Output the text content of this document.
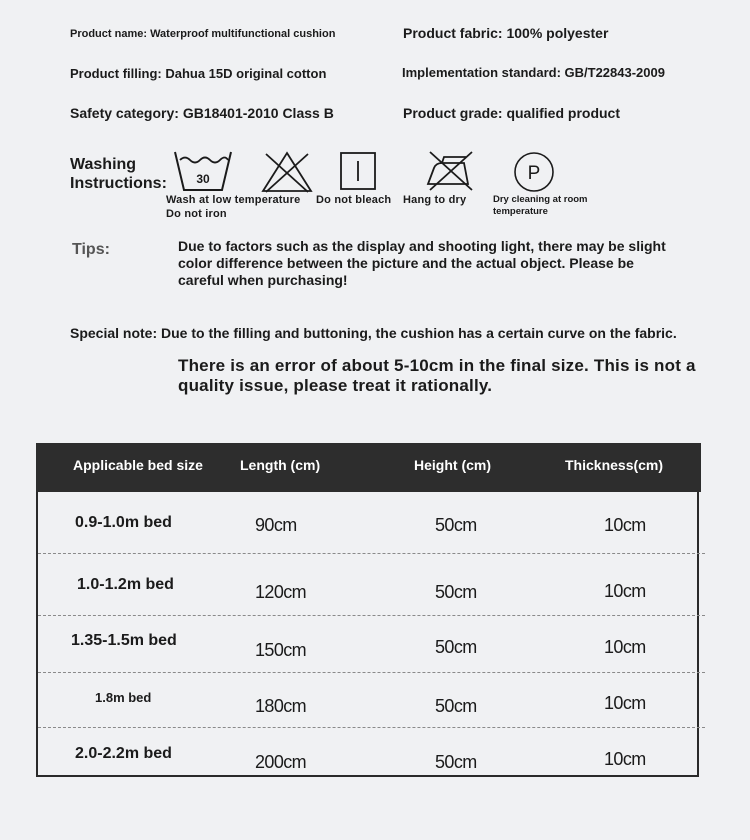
Product name: Waterproof multifunctional cushion	Product fabric: 100% polyester
Product filling: Dahua 15D original cotton	Implementation standard: GB/T22843-2009
Safety category: GB18401-2010 Class B	Product grade: qualified product
Washing Instructions: 30	P
Wash at low temperature Do not bleach Hang to dry	Dry cleaning at room temperature
Do not iron
Tips:	Due to factors such as the display and shooting light, there may be slight color difference between the picture and the actual object. Please be careful when purchasing!
Special note: Due to the filling and buttoning, the cushion has a certain curve on the fabric.
There is an error of about 5-10cm in the final size. This is not a quality issue, please treat it rationally.
Applicable bed size	Length (cm)	Height (cm)	Thickness(cm)
0.9-1.0m bed	90cm	50cm	10cm
1.0-1.2m bed	120cm	50cm	10cm
1.35-1.5m bed	150cm	50cm	10cm
1.8m bed	180cm	50cm	10cm
2.0-2.2m bed	200cm	50cm	10cm
